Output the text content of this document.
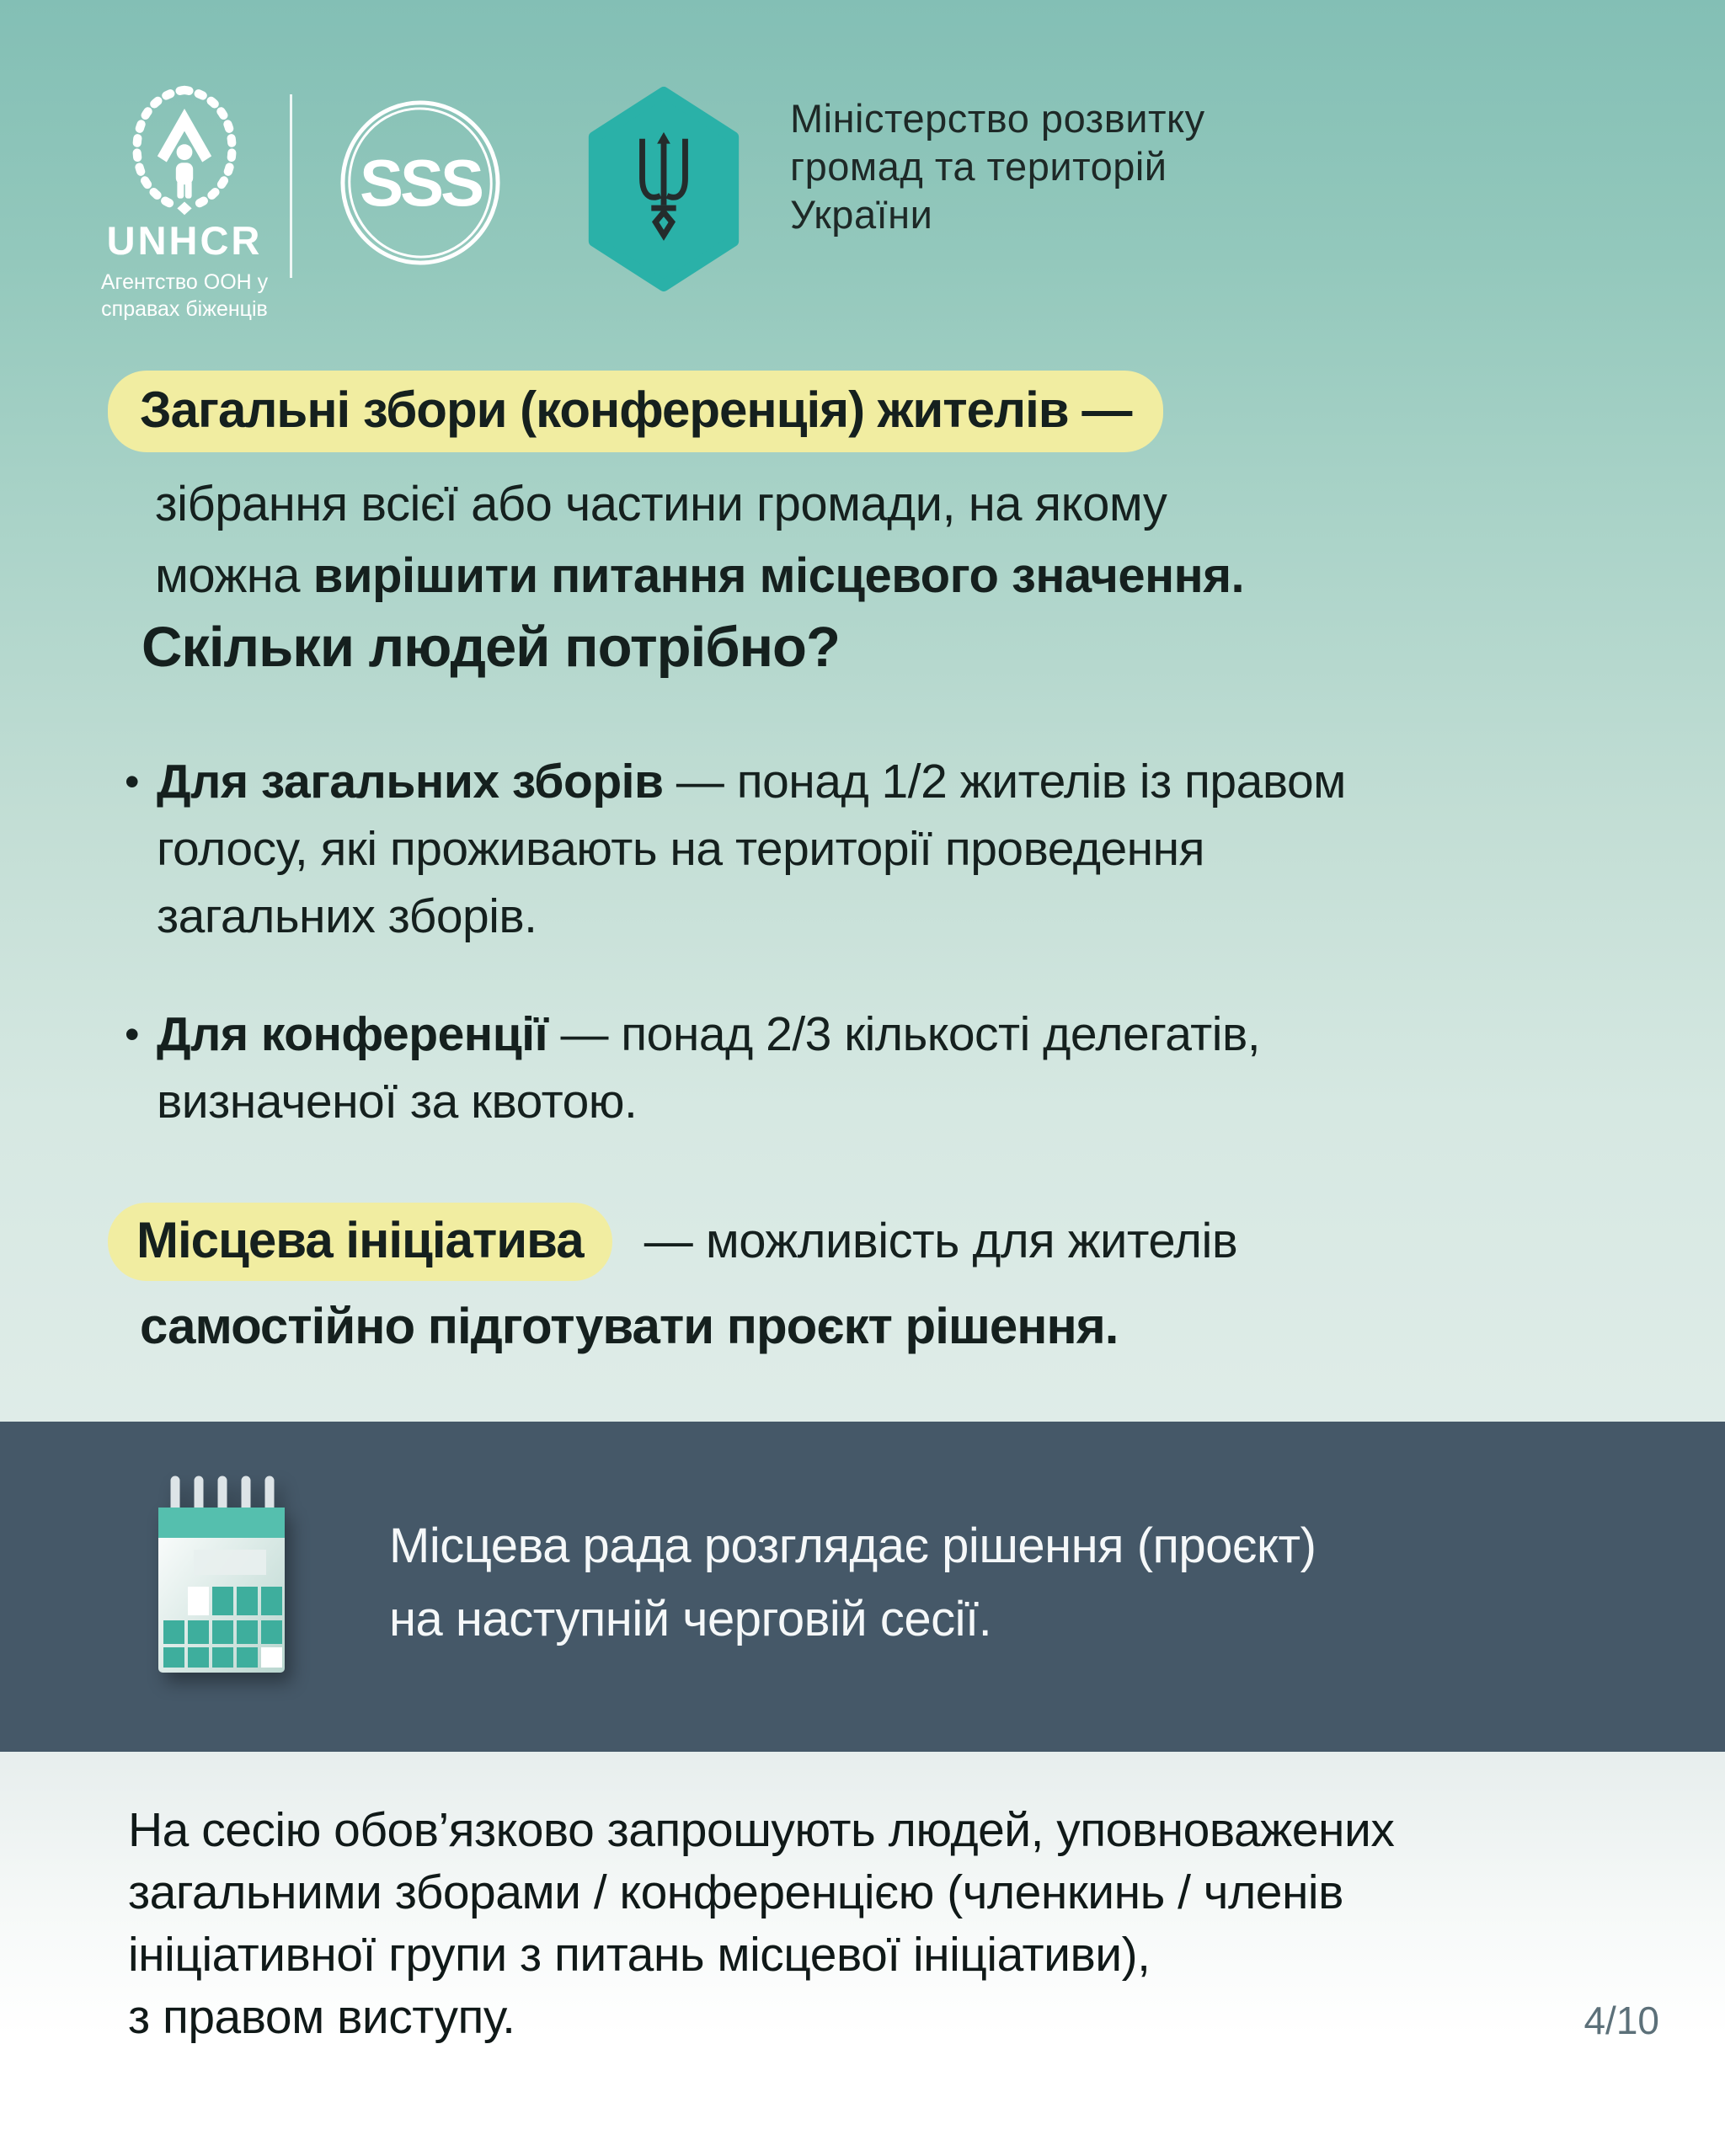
UNHCR
Агентство ООН у
справах біженців
SSS
Міністерство розвитку
громад та територій
України
Загальні збори (конференція) жителів —
зібрання всієї або частини громади, на якому
можна вирішити питання місцевого значення.
Скільки людей потрібно?
• Для загальних зборів — понад 1/2 жителів із правом
голосу, які проживають на території проведення
загальних зборів.
• Для конференції — понад 2/3 кількості делегатів,
визначеної за квотою.
Місцева ініціатива — можливість для жителів
самостійно підготувати проєкт рішення.
Місцева рада розглядає рішення (проєкт)
на наступній черговій сесії.
На сесію обов’язково запрошують людей, уповноважених
загальними зборами / конференцією (членкинь / членів
ініціативної групи з питань місцевої ініціативи),
з правом виступу.	4/10
